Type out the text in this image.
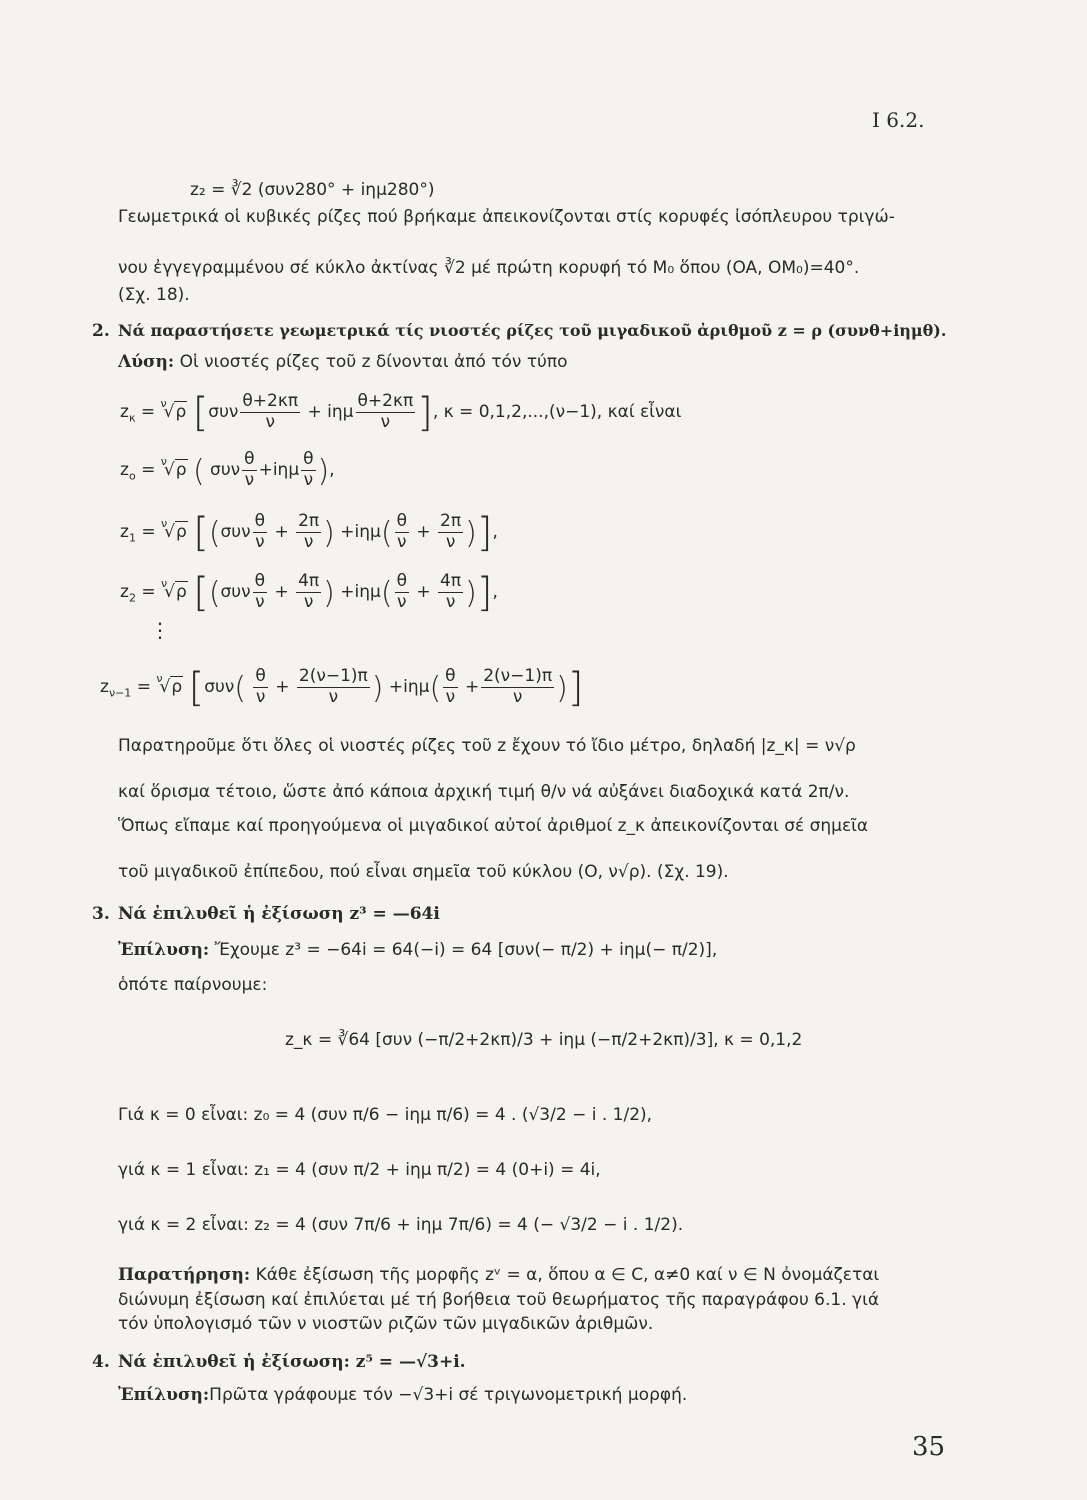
Ι 6.2.
z₂ = ∛2 (συν280° + iημ280°)
Γεωμετρικά οἱ κυβικές ρίζες πού βρήκαμε ἀπεικονίζονται στίς κορυφές ἰσόπλευρου τριγώ-
νου ἐγγεγραμμένου σέ κύκλο ἀκτίνας ∛2 μέ πρώτη κορυφή τό M₀ ὅπου (OA, OM₀)=40°.
(Σχ. 18).
2. Νά παραστήσετε γεωμετρικά τίς νιοστές ρίζες τοῦ μιγαδικοῦ ἀριθμοῦ z = ρ (συνθ+iημθ).
Λύση: Οἱ νιοστές ρίζες τοῦ z δίνονται ἀπό τόν τύπο
$z_\kappa = ^\nu√\rho$ [$\sigma\upsilon\nu \frac{\theta+2\kappa\pi}{\nu} + i\eta\mu \frac{\theta+2\kappa\pi}{\nu}$ ], κ = 0,1,2,...,(ν−1), καί εἶναι
$z_o = ^\nu√\rho$ ( συν $\frac{\theta}{\nu} +i\eta\mu \frac{\theta}{\nu}$ ),
$z_1 = ^\nu√\rho$ [($\sigma\upsilon\nu \frac{\theta}{\nu} + \frac{2\pi}{\nu}$ ) $+i\eta\mu( \frac{\theta}{\nu} + \frac{2\pi}{\nu}$ )],
$z_2 = ^\nu√\rho$ [($\sigma\upsilon\nu \frac{\theta}{\nu} + \frac{4\pi}{\nu}$ ) $+i\eta\mu( \frac{\theta}{\nu} + \frac{4\pi}{\nu}$ )],
⋮
$z_{\nu-1} = ^\nu√\rho$ [$\sigma\upsilon\nu( \frac{\theta}{\nu} + \frac{2(\nu-1)\pi}{\nu}$ ) $+i\eta\mu( \frac{\theta}{\nu} + \frac{2(\nu-1)\pi}{\nu}$ )]
Παρατηροῦμε ὅτι ὅλες οἱ νιοστές ρίζες τοῦ z ἔχουν τό ἴδιο μέτρο, δηλαδή |z_κ| = ν√ρ
καί ὅρισμα τέτοιο, ὥστε ἀπό κάποια ἀρχική τιμή θ/ν νά αὐξάνει διαδοχικά κατά 2π/ν.
Ὅπως εἴπαμε καί προηγούμενα οἱ μιγαδικοί αὐτοί ἀριθμοί z_κ ἀπεικονίζονται σέ σημεῖα
τοῦ μιγαδικοῦ ἐπίπεδου, πού εἶναι σημεῖα τοῦ κύκλου (O, ν√ρ). (Σχ. 19).
3. Νά ἐπιλυθεῖ ἡ ἐξίσωση z³ = —64i
Ἐπίλυση: Ἔχουμε z³ = −64i = 64(−i) = 64 [συν(− π/2) + iημ(− π/2)],
ὁπότε παίρνουμε:
z_κ = ∛64 [συν (−π/2+2κπ)/3 + iημ (−π/2+2κπ)/3], κ = 0,1,2
Γιά κ = 0 εἶναι: z₀ = 4 (συν π/6 − iημ π/6) = 4 . (√3/2 − i . 1/2),
γιά κ = 1 εἶναι: z₁ = 4 (συν π/2 + iημ π/2) = 4 (0+i) = 4i,
γιά κ = 2 εἶναι: z₂ = 4 (συν 7π/6 + iημ 7π/6) = 4 (− √3/2 − i . 1/2).
Παρατήρηση: Κάθε ἐξίσωση τῆς μορφῆς zᵛ = α, ὅπου α ∈ C, α≠0 καί ν ∈ N ὀνομάζεται
διώνυμη ἐξίσωση καί ἐπιλύεται μέ τή βοήθεια τοῦ θεωρήματος τῆς παραγράφου 6.1. γιά
τόν ὑπολογισμό τῶν ν νιοστῶν ριζῶν τῶν μιγαδικῶν ἀριθμῶν.
4. Νά ἐπιλυθεῖ ἡ ἐξίσωση: z⁵ = —√3+i.
Ἐπίλυση:Πρῶτα γράφουμε τόν −√3+i σέ τριγωνομετρική μορφή.
35
